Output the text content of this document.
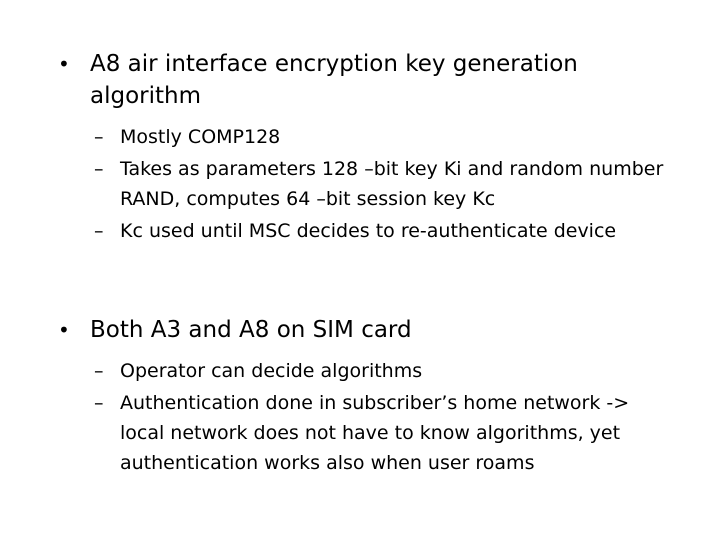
• A8 air interface encryption key generation algorithm
– Mostly COMP128
– Takes as parameters 128 –bit key Ki and random number RAND, computes 64 –bit session key Kc
– Kc used until MSC decides to re-authenticate device
• Both A3 and A8 on SIM card
– Operator can decide algorithms
– Authentication done in subscriber’s home network -> local network does not have to know algorithms, yet authentication works also when user roams
